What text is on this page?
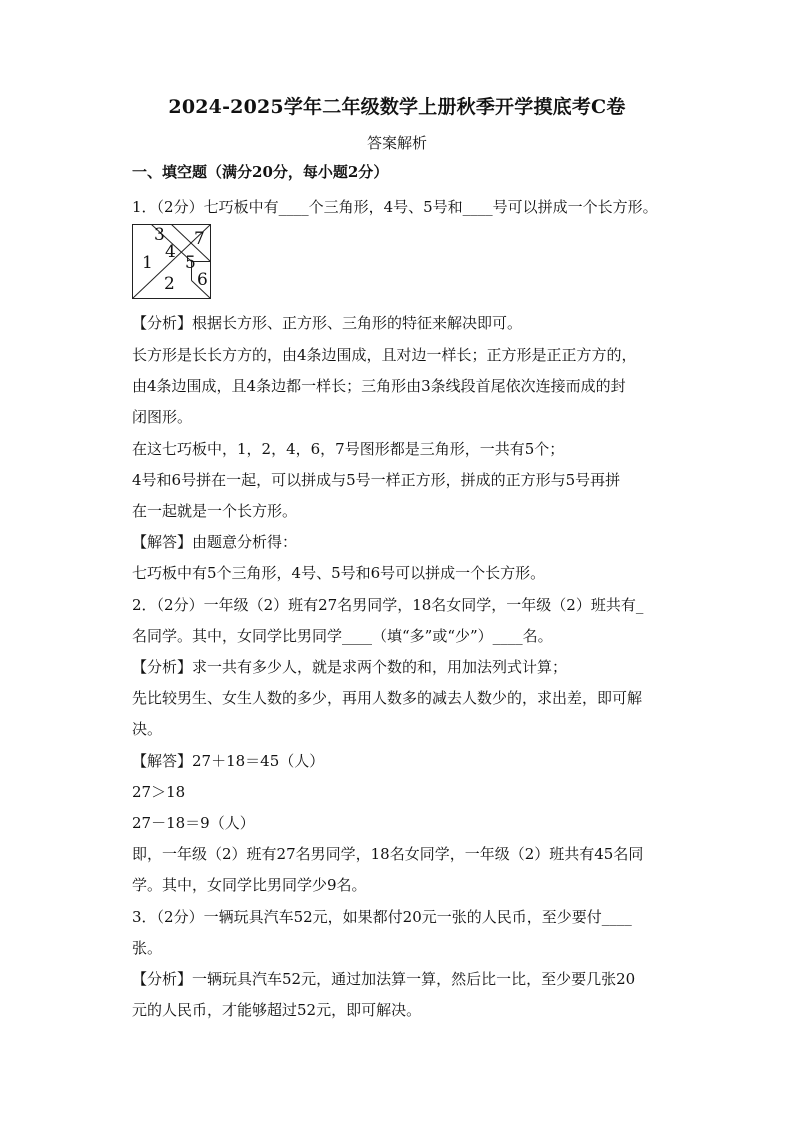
2024-2025学年二年级数学上册秋季开学摸底考C卷
答案解析
一、填空题（满分20分，每小题2分）
1．（2分）七巧板中有____个三角形，4号、5号和____号可以拼成一个长方形。
3 7
4
1 5
2 6
【分析】根据长方形、正方形、三角形的特征来解决即可。
长方形是长长方方的，由4条边围成，且对边一样长；正方形是正正方方的，
由4条边围成，且4条边都一样长；三角形由3条线段首尾依次连接而成的封
闭图形。
在这七巧板中，1，2，4，6，7号图形都是三角形，一共有5个；
4号和6号拼在一起，可以拼成与5号一样正方形，拼成的正方形与5号再拼
在一起就是一个长方形。
【解答】由题意分析得：
七巧板中有5个三角形，4号、5号和6号可以拼成一个长方形。
2．（2分）一年级（2）班有27名男同学，18名女同学，一年级（2）班共有_
名同学。其中，女同学比男同学____（填“多”或“少”）____名。
【分析】求一共有多少人，就是求两个数的和，用加法列式计算；
先比较男生、女生人数的多少，再用人数多的减去人数少的，求出差，即可解
决。
【解答】27＋18＝45（人）
27＞18
27－18＝9（人）
即，一年级（2）班有27名男同学，18名女同学，一年级（2）班共有45名同
学。其中，女同学比男同学少9名。
3．（2分）一辆玩具汽车52元，如果都付20元一张的人民币，至少要付____
张。
【分析】一辆玩具汽车52元，通过加法算一算，然后比一比，至少要几张20
元的人民币，才能够超过52元，即可解决。
